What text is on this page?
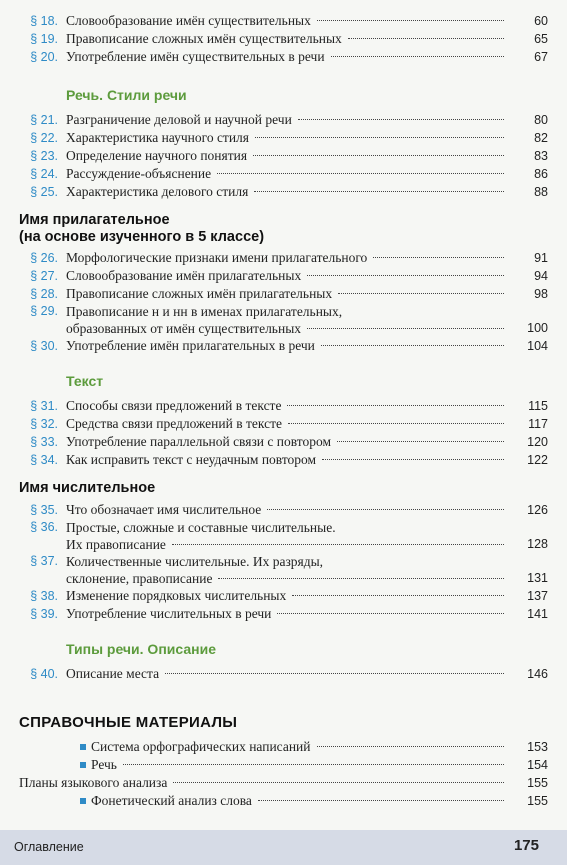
§ 18. Словообразование имён существительных	60
§ 19. Правописание сложных имён существительных	65
§ 20. Употребление имён существительных в речи	67
Речь. Стили речи
§ 21. Разграничение деловой и научной речи	80
§ 22. Характеристика научного стиля	82
§ 23. Определение научного понятия	83
§ 24. Рассуждение-объяснение	86
§ 25. Характеристика делового стиля	88
Имя прилагательное
(на основе изученного в 5 классе)
§ 26. Морфологические признаки имени прилагательного	91
§ 27. Словообразование имён прилагательных	94
§ 28. Правописание сложных имён прилагательных	98
§ 29. Правописание н и нн в именах прилагательных,
образованных от имён существительных	100
§ 30. Употребление имён прилагательных в речи	104
Текст
§ 31. Способы связи предложений в тексте	115
§ 32. Средства связи предложений в тексте	117
§ 33. Употребление параллельной связи с повтором	120
§ 34. Как исправить текст с неудачным повтором	122
Имя числительное
§ 35. Что обозначает имя числительное	126
§ 36. Простые, сложные и составные числительные.
Их правописание	128
§ 37. Количественные числительные. Их разряды,
склонение, правописание	131
§ 38. Изменение порядковых числительных	137
§ 39. Употребление числительных в речи	141
Типы речи. Описание
§ 40. Описание места	146
СПРАВОЧНЫЕ МАТЕРИАЛЫ
Система орфографических написаний	153
Речь	154
Планы языкового анализа	155
Фонетический анализ слова	155
Оглавление	175
